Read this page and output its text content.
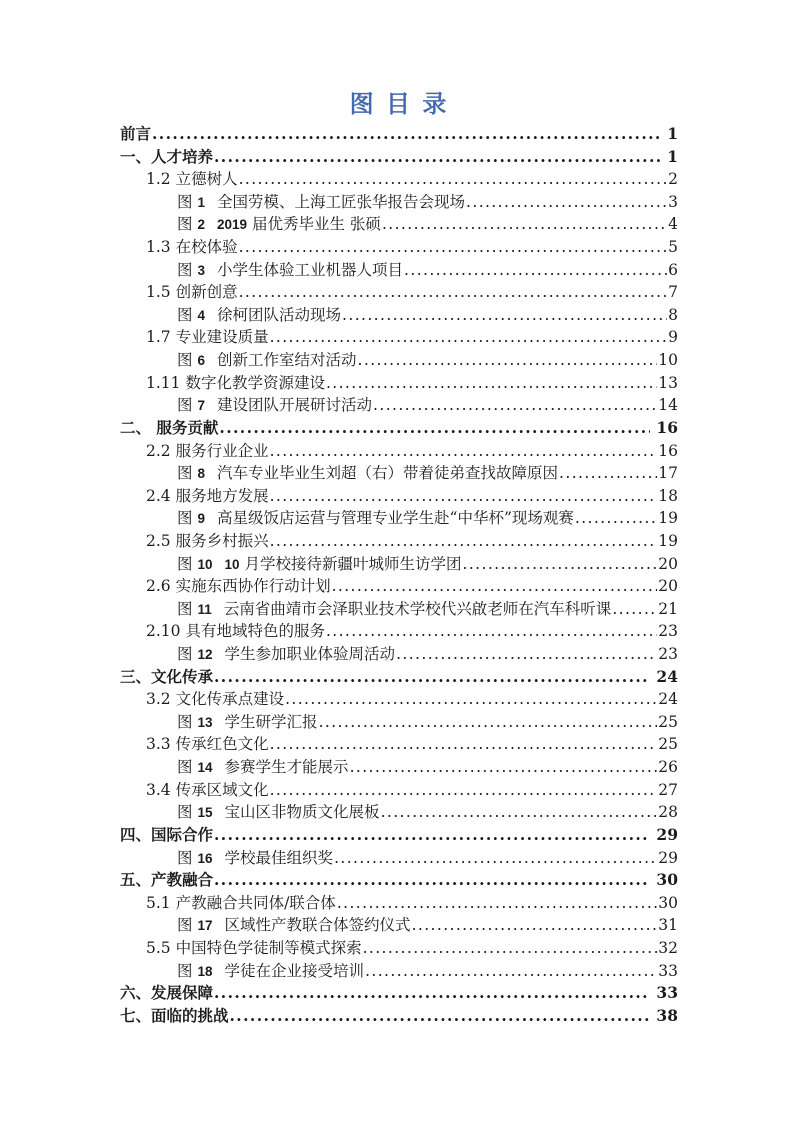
图 目 录
前言 .....	1
一、人才培养 .....	1
1.2 立德树人 .....	2
图 1 全国劳模、上海工匠张华报告会现场 .....	3
图 2 2019 届优秀毕业生 张硕 .....	4
1.3 在校体验 .....	5
图 3 小学生体验工业机器人项目 .....	6
1.5 创新创意 .....	7
图 4 徐柯团队活动现场 .....	8
1.7 专业建设质量 .....	9
图 6 创新工作室结对活动 .....	10
1.11 数字化教学资源建设 .....	13
图 7 建设团队开展研讨活动 .....	14
二、 服务贡献 .....	16
2.2 服务行业企业 .....	16
图 8 汽车专业毕业生刘超（右）带着徒弟查找故障原因 .....	17
2.4 服务地方发展 .....	18
图 9 高星级饭店运营与管理专业学生赴“中华杯”现场观赛 .....	19
2.5 服务乡村振兴 .....	19
图 10 10 月学校接待新疆叶城师生访学团 .....	20
2.6 实施东西协作行动计划 .....	20
图 11 云南省曲靖市会泽职业技术学校代兴啟老师在汽车科听课 .....	21
2.10 具有地域特色的服务 .....	23
图 12 学生参加职业体验周活动 .....	23
三、文化传承 .....	24
3.2 文化传承点建设 .....	24
图 13 学生研学汇报 .....	25
3.3 传承红色文化 .....	25
图 14 参赛学生才能展示 .....	26
3.4 传承区域文化 .....	27
图 15 宝山区非物质文化展板 .....	28
四、国际合作 .....	29
图 16 学校最佳组织奖 .....	29
五、产教融合 .....	30
5.1 产教融合共同体/联合体 .....	30
图 17 区域性产教联合体签约仪式 .....	31
5.5 中国特色学徒制等模式探索 .....	32
图 18 学徒在企业接受培训 .....	33
六、发展保障 .....	33
七、面临的挑战 .....	38
